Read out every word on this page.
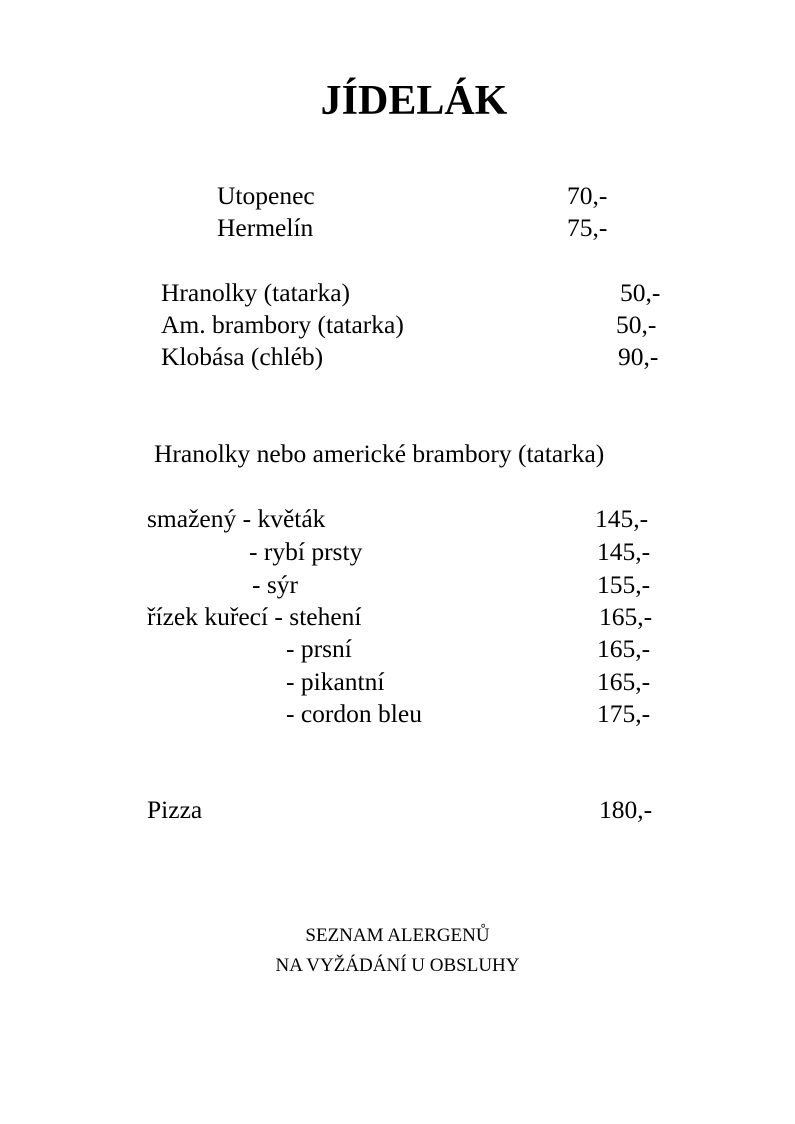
JÍDELÁK
Utopenec	70,-
Hermelín	75,-
Hranolky (tatarka)	50,-
Am. brambory (tatarka)	50,-
Klobása (chléb)	90,-
Hranolky nebo americké brambory (tatarka)
smažený - květák	145,-
- rybí prsty	145,-
- sýr	155,-
řízek kuřecí - stehení	165,-
- prsní	165,-
- pikantní	165,-
- cordon bleu	175,-
Pizza	180,-
SEZNAM ALERGENŮ
NA VYŽÁDÁNÍ U OBSLUHY
